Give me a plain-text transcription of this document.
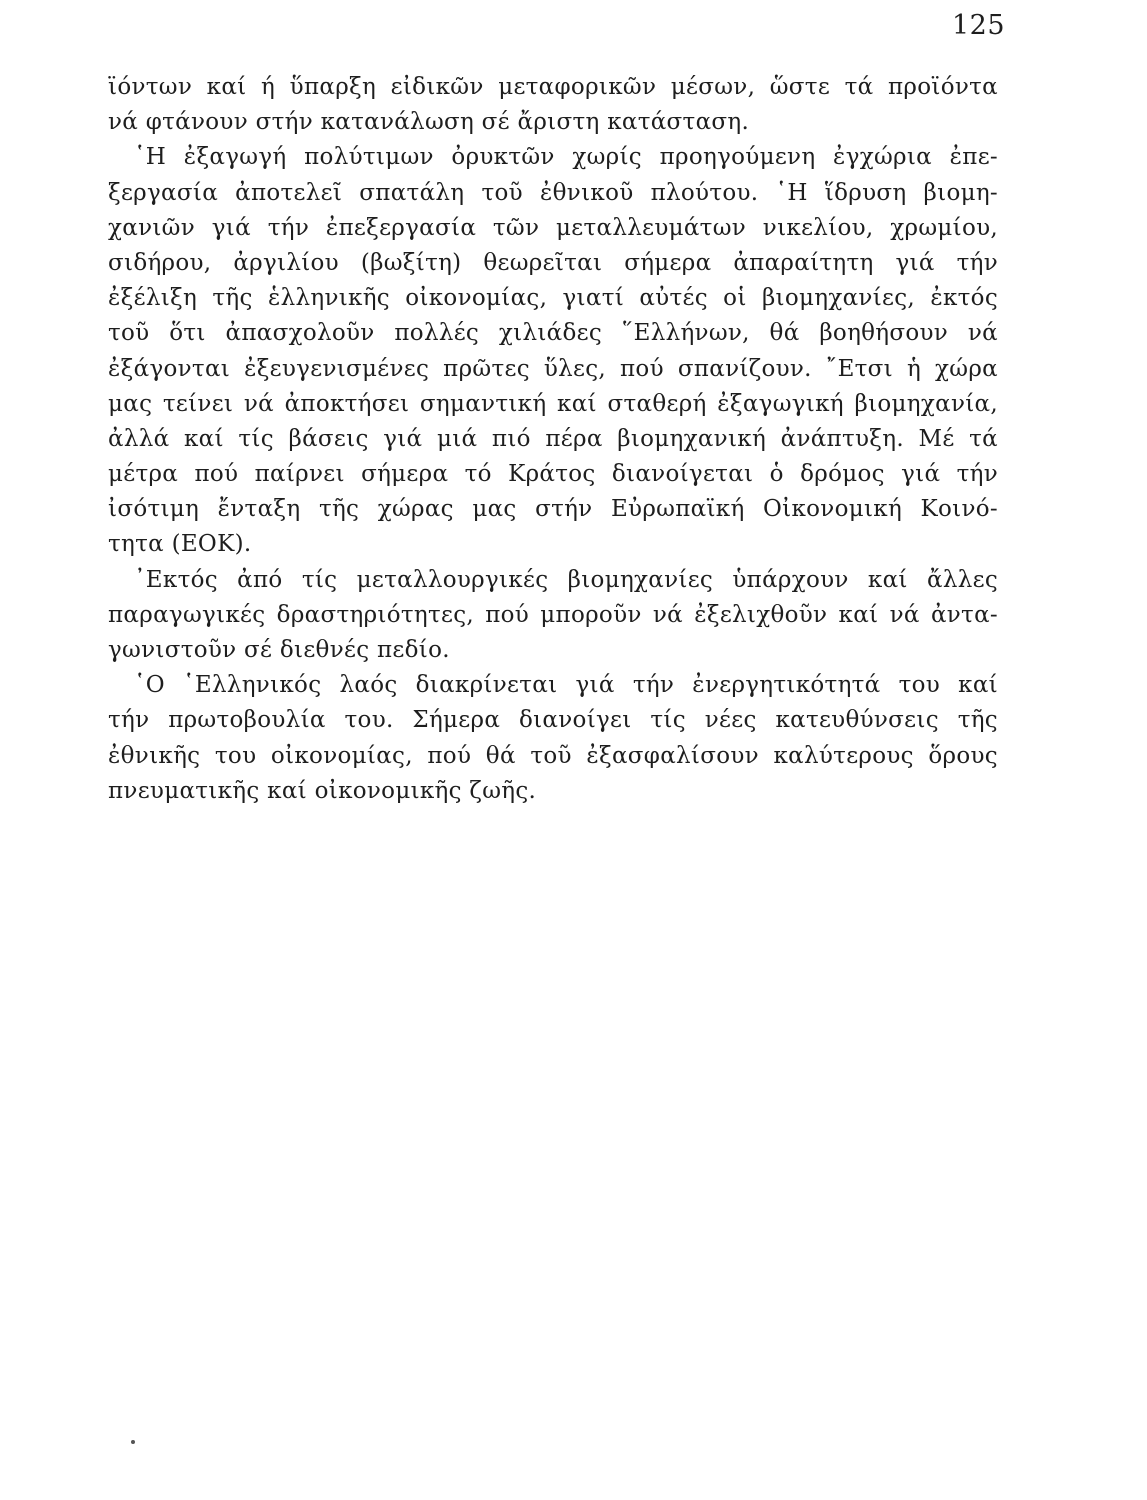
125
ϊόντων καί ή ὕπαρξη εἰδικῶν μεταφορικῶν μέσων, ὥστε τά προϊόντα
νά φτάνουν στήν κατανάλωση σέ ἄριστη κατάσταση.
῾Η ἐξαγωγή πολύτιμων ὀρυκτῶν χωρίς προηγούμενη ἐγχώρια ἐπε-
ξεργασία ἀποτελεῖ σπατάλη τοῦ ἐθνικοῦ πλούτου. ῾Η ἵδρυση βιομη-
χανιῶν γιά τήν ἐπεξεργασία τῶν μεταλλευμάτων νικελίου, χρωμίου,
σιδήρου, ἀργιλίου (βωξίτη) θεωρεῖται σήμερα ἀπαραίτητη γιά τήν
ἐξέλιξη τῆς ἑλληνικῆς οἰκονομίας, γιατί αὐτές οἱ βιομηχανίες, ἐκτός
τοῦ ὅτι ἀπασχολοῦν πολλές χιλιάδες ῞Ελλήνων, θά βοηθήσουν νά
ἐξάγονται ἐξευγενισμένες πρῶτες ὕλες, πού σπανίζουν. ῎Ετσι ἡ χώρα
μας τείνει νά ἀποκτήσει σημαντική καί σταθερή ἐξαγωγική βιομηχανία,
ἀλλά καί τίς βάσεις γιά μιά πιό πέρα βιομηχανική ἀνάπτυξη. Μέ τά
μέτρα πού παίρνει σήμερα τό Κράτος διανοίγεται ὁ δρόμος γιά τήν
ἰσότιμη ἔνταξη τῆς χώρας μας στήν Εὐρωπαϊκή Οἰκονομική Κοινό-
τητα (ΕΟΚ).
᾿Εκτός ἀπό τίς μεταλλουργικές βιομηχανίες ὑπάρχουν καί ἄλλες
παραγωγικές δραστηριότητες, πού μποροῦν νά ἐξελιχθοῦν καί νά ἀντα-
γωνιστοῦν σέ διεθνές πεδίο.
῾Ο ῾Ελληνικός λαός διακρίνεται γιά τήν ἐνεργητικότητά του καί
τήν πρωτοβουλία του. Σήμερα διανοίγει τίς νέες κατευθύνσεις τῆς
ἐθνικῆς του οἰκονομίας, πού θά τοῦ ἐξασφαλίσουν καλύτερους ὅρους
πνευματικῆς καί οἰκονομικῆς ζωῆς.
